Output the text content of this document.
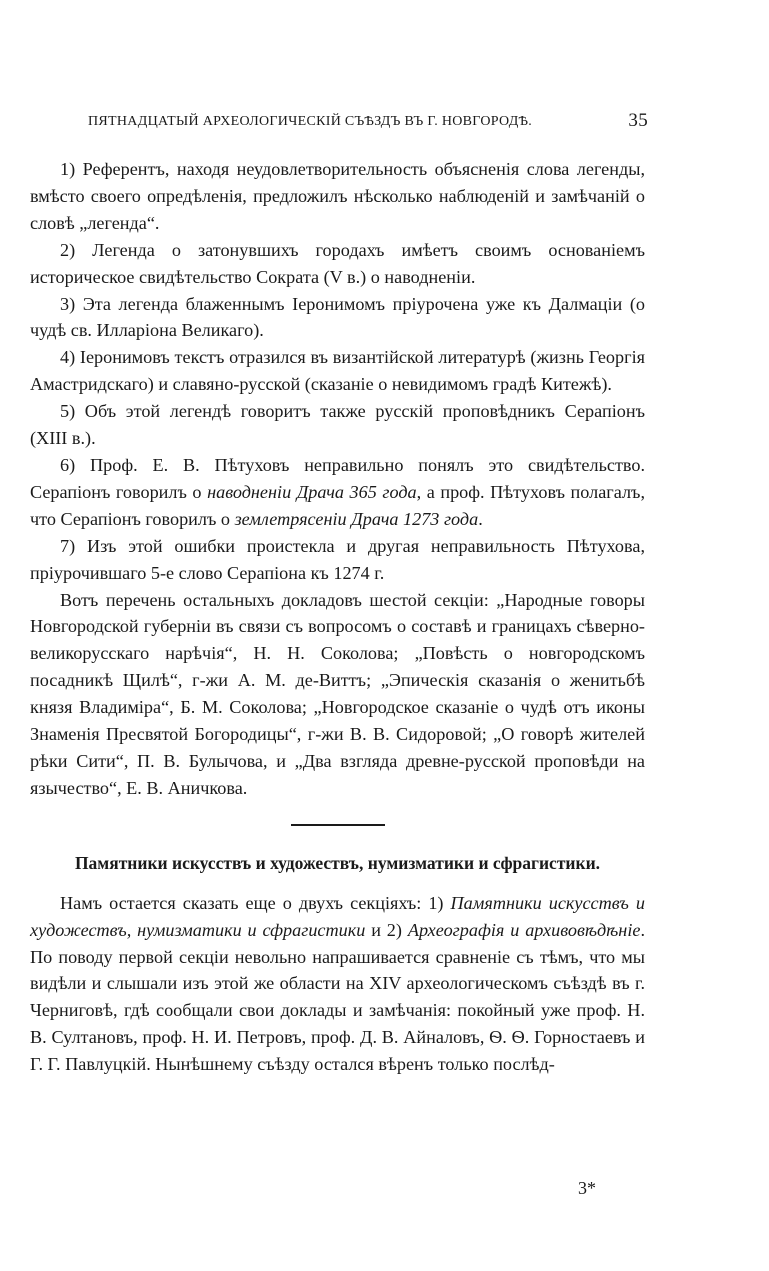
ПЯТНАДЦАТЫЙ АРХЕОЛОГИЧЕСКІЙ СЪѢЗДЪ ВЪ Г. НОВГОРОДѢ.	35

1) Референтъ, находя неудовлетворительность объясненія слова легенды, вмѣсто своего опредѣленія, предложилъ нѣсколько наблюденій и замѣчаній о словѣ „легенда“.

2) Легенда о затонувшихъ городахъ имѣетъ своимъ основаніемъ историческое свидѣтельство Сократа (V в.) о наводненіи.

3) Эта легенда блаженнымъ Іеронимомъ пріурочена уже къ Далмаціи (о чудѣ св. Илларіона Великаго).

4) Іеронимовъ текстъ отразился въ византійской литературѣ (жизнь Георгія Амастридскаго) и славяно-русской (сказаніе о невидимомъ градѣ Китежѣ).

5) Объ этой легендѣ говоритъ также русскій проповѣдникъ Серапіонъ (XIII в.).

6) Проф. Е. В. Пѣтуховъ неправильно понялъ это свидѣтельство. Серапіонъ говорилъ о наводненіи Драча 365 года, а проф. Пѣтуховъ полагалъ, что Серапіонъ говорилъ о землетрясеніи Драча 1273 года.

7) Изъ этой ошибки проистекла и другая неправильность Пѣтухова, пріурочившаго 5-е слово Серапіона къ 1274 г.

Вотъ перечень остальныхъ докладовъ шестой секціи: „Народные говоры Новгородской губерніи въ связи съ вопросомъ о составѣ и границахъ сѣверно-великорусскаго нарѣчія“, Н. Н. Соколова; „Повѣсть о новгородскомъ посадникѣ Щилѣ“, г-жи А. М. де-Виттъ; „Эпическія сказанія о женитьбѣ князя Владиміра“, Б. М. Соколова; „Новгородское сказаніе о чудѣ отъ иконы Знаменія Пресвятой Богородицы“, г-жи В. В. Сидоровой; „О говорѣ жителей рѣки Сити“, П. В. Булычова, и „Два взгляда древне-русской проповѣди на язычество“, Е. В. Аничкова.

Памятники искусствъ и художествъ, нумизматики и сфрагистики.

Намъ остается сказать еще о двухъ секціяхъ: 1) Памятники искусствъ и художествъ, нумизматики и сфрагистики и 2) Археографія и архивовѣдѣніе. По поводу первой секціи невольно напрашивается сравненіе съ тѣмъ, что мы видѣли и слышали изъ этой же области на XIV археологическомъ съѣздѣ въ г. Черниговѣ, гдѣ сообщали свои доклады и замѣчанія: покойный уже проф. Н. В. Султановъ, проф. Н. И. Петровъ, проф. Д. В. Айналовъ, Ѳ. Ѳ. Горностаевъ и Г. Г. Павлуцкій. Нынѣшнему съѣзду остался вѣренъ только послѣд-

3*
